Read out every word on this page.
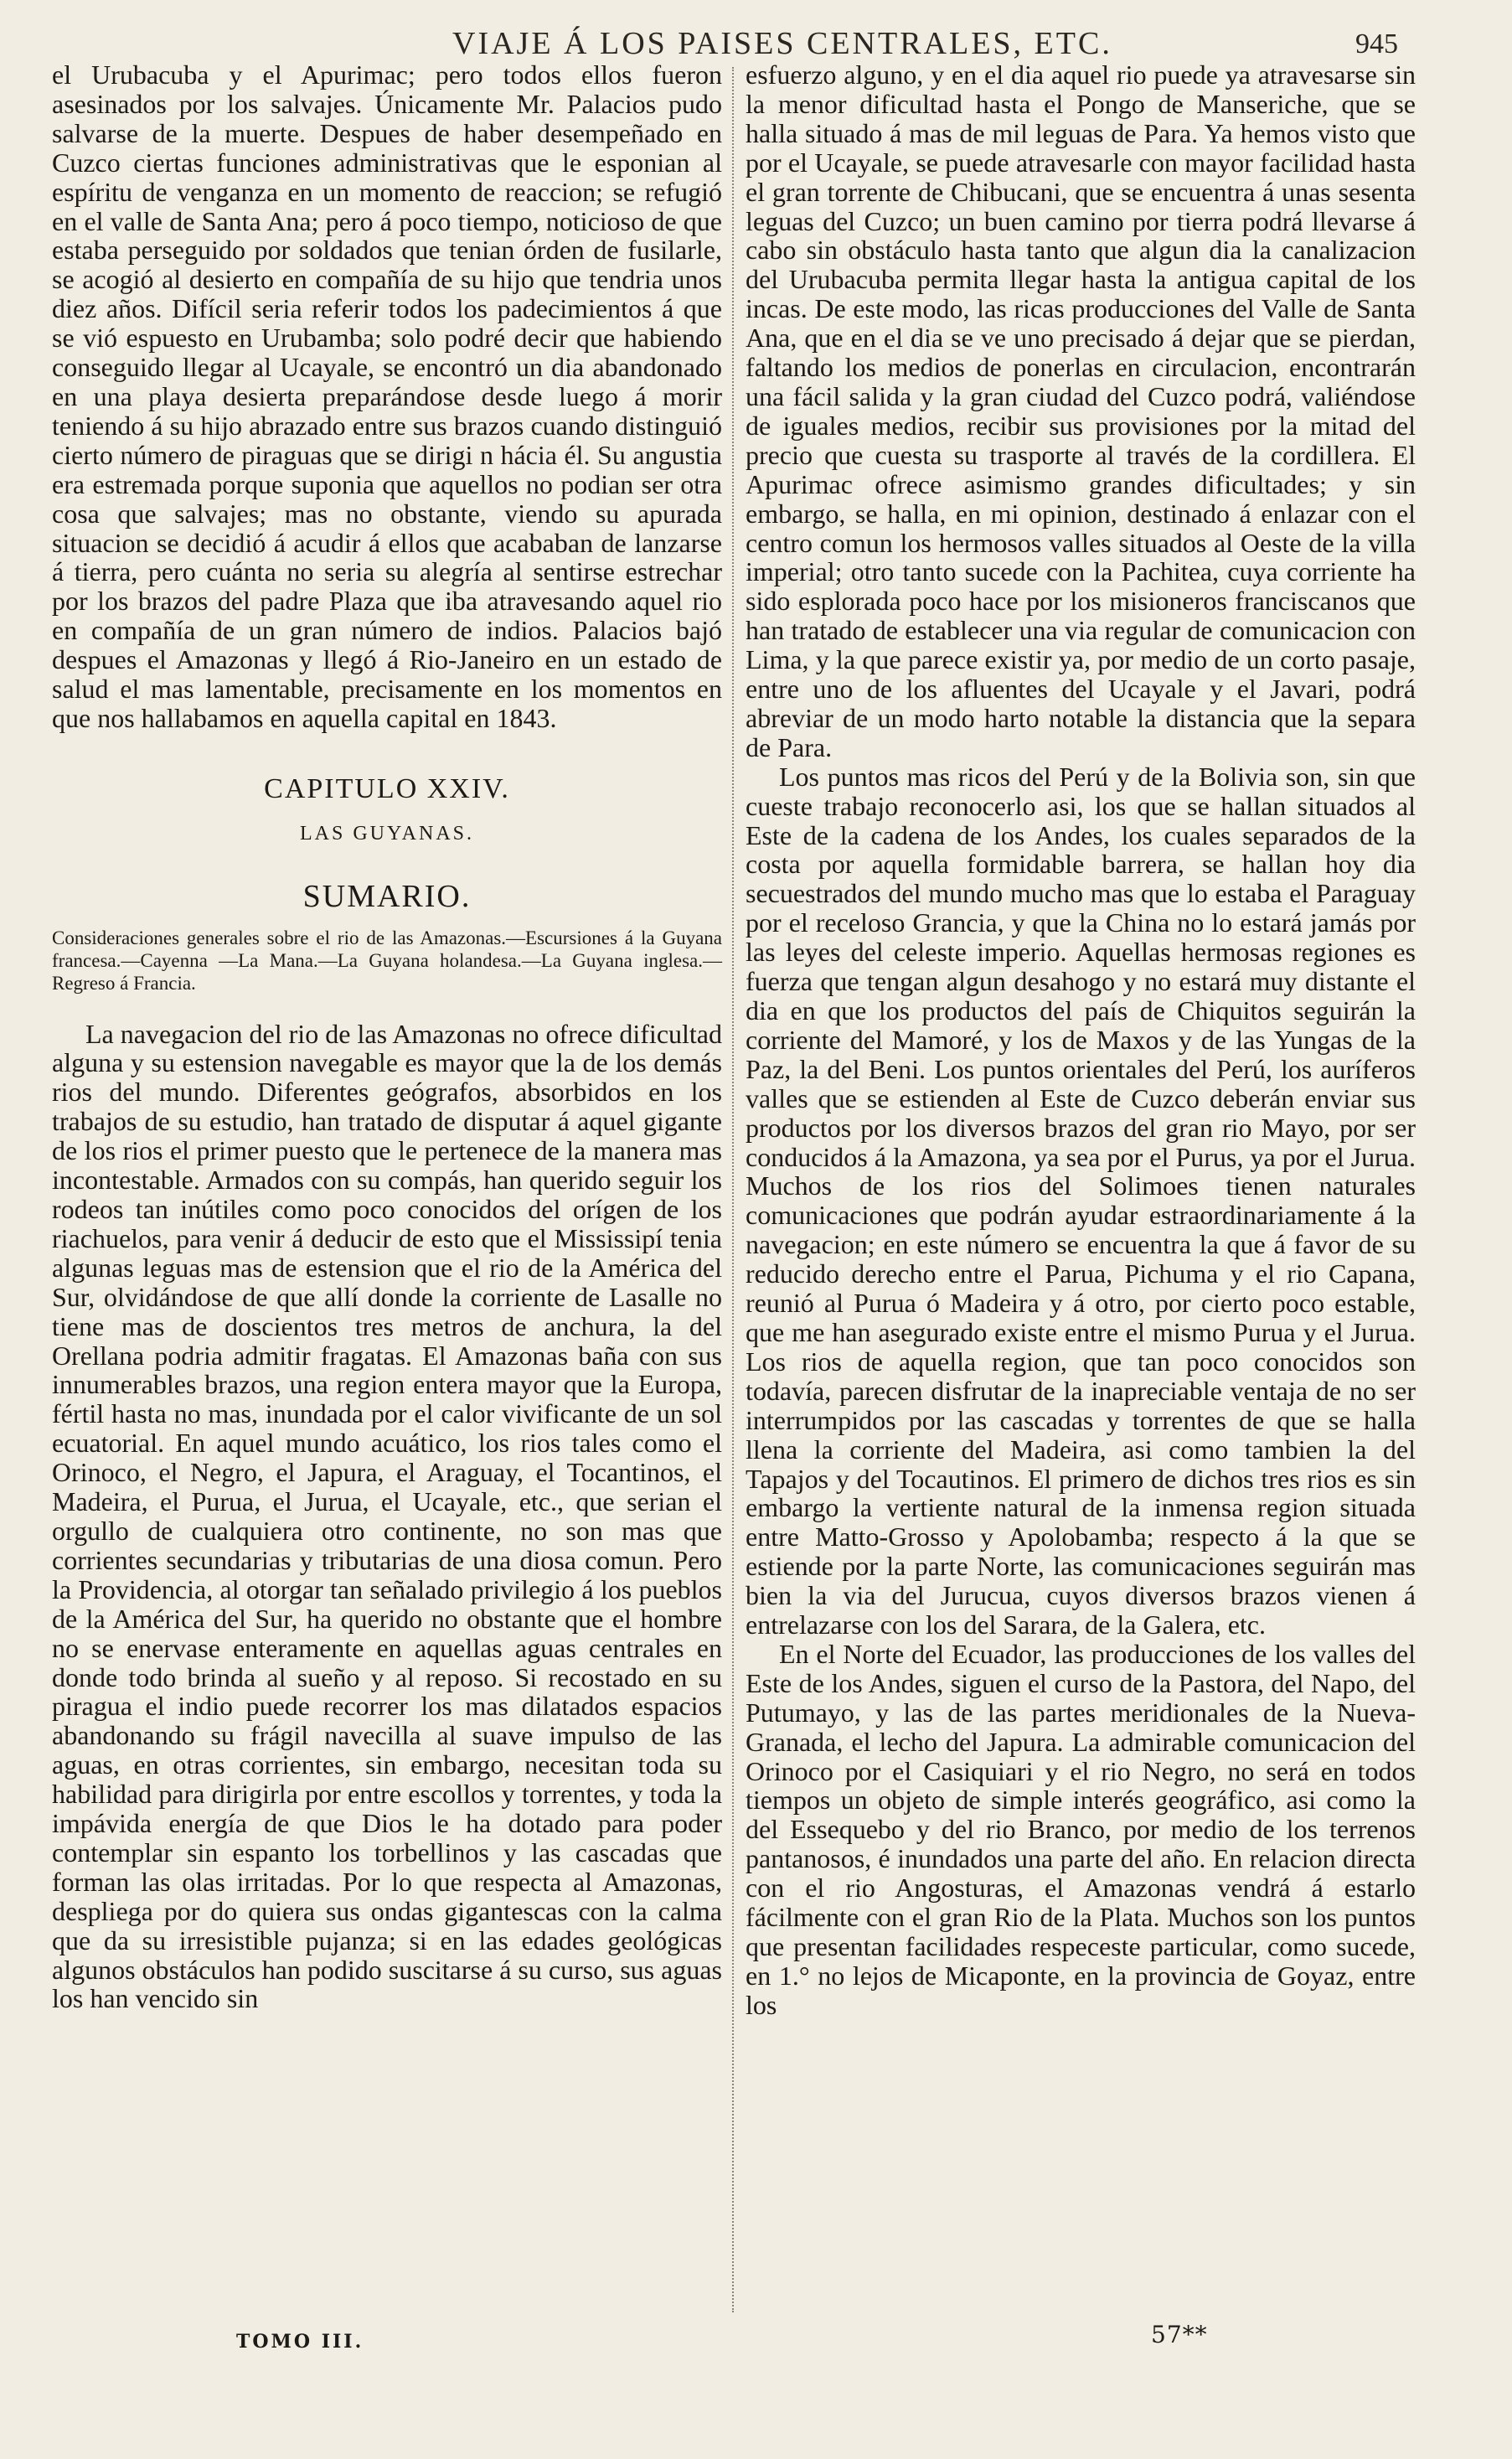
VIAJE Á LOS PAISES CENTRALES, ETC.	945

el Urubacuba y el Apurimac; pero todos ellos fueron asesinados por los salvajes. Únicamente Mr. Palacios pudo salvarse de la muerte. Despues de haber desempeñado en Cuzco ciertas funciones administrativas que le esponian al espíritu de venganza en un momento de reaccion; se refugió en el valle de Santa Ana; pero á poco tiempo, noticioso de que estaba perseguido por soldados que tenian órden de fusilarle, se acogió al desierto en compañía de su hijo que tendria unos diez años. Difícil seria referir todos los padecimientos á que se vió espuesto en Urubamba; solo podré decir que habiendo conseguido llegar al Ucayale, se encontró un dia abandonado en una playa desierta preparándose desde luego á morir teniendo á su hijo abrazado entre sus brazos cuando distinguió cierto número de piraguas que se dirigi n hácia él. Su angustia era estremada porque suponia que aquellos no podian ser otra cosa que salvajes; mas no obstante, viendo su apurada situacion se decidió á acudir á ellos que acababan de lanzarse á tierra, pero cuánta no seria su alegría al sentirse estrechar por los brazos del padre Plaza que iba atravesando aquel rio en compañía de un gran número de indios. Palacios bajó despues el Amazonas y llegó á Rio-Janeiro en un estado de salud el mas lamentable, precisamente en los momentos en que nos hallabamos en aquella capital en 1843.

CAPITULO XXIV.
LAS GUYANAS.
SUMARIO.
Consideraciones generales sobre el rio de las Amazonas.—Escursiones á la Guyana francesa.—Cayenna —La Mana.—La Guyana holandesa.—La Guyana inglesa.—Regreso á Francia.

La navegacion del rio de las Amazonas no ofrece dificultad alguna y su estension navegable es mayor que la de los demás rios del mundo. Diferentes geógrafos, absorbidos en los trabajos de su estudio, han tratado de disputar á aquel gigante de los rios el primer puesto que le pertenece de la manera mas incontestable. Armados con su compás, han querido seguir los rodeos tan inútiles como poco conocidos del orígen de los riachuelos, para venir á deducir de esto que el Mississipí tenia algunas leguas mas de estension que el rio de la América del Sur, olvidándose de que allí donde la corriente de Lasalle no tiene mas de doscientos tres metros de anchura, la del Orellana podria admitir fragatas. El Amazonas baña con sus innumerables brazos, una region entera mayor que la Europa, fértil hasta no mas, inundada por el calor vivificante de un sol ecuatorial. En aquel mundo acuático, los rios tales como el Orinoco, el Negro, el Japura, el Araguay, el Tocantinos, el Madeira, el Purua, el Jurua, el Ucayale, etc., que serian el orgullo de cualquiera otro continente, no son mas que corrientes secundarias y tributarias de una diosa comun. Pero la Providencia, al otorgar tan señalado privilegio á los pueblos de la América del Sur, ha querido no obstante que el hombre no se enervase enteramente en aquellas aguas centrales en donde todo brinda al sueño y al reposo. Si recostado en su piragua el indio puede recorrer los mas dilatados espacios abandonando su frágil navecilla al suave impulso de las aguas, en otras corrientes, sin embargo, necesitan toda su habilidad para dirigirla por entre escollos y torrentes, y toda la impávida energía de que Dios le ha dotado para poder contemplar sin espanto los torbellinos y las cascadas que forman las olas irritadas. Por lo que respecta al Amazonas, despliega por do quiera sus ondas gigantescas con la calma que da su irresistible pujanza; si en las edades geológicas algunos obstáculos han podido suscitarse á su curso, sus aguas los han vencido sin

esfuerzo alguno, y en el dia aquel rio puede ya atravesarse sin la menor dificultad hasta el Pongo de Manseriche, que se halla situado á mas de mil leguas de Para. Ya hemos visto que por el Ucayale, se puede atravesarle con mayor facilidad hasta el gran torrente de Chibucani, que se encuentra á unas sesenta leguas del Cuzco; un buen camino por tierra podrá llevarse á cabo sin obstáculo hasta tanto que algun dia la canalizacion del Urubacuba permita llegar hasta la antigua capital de los incas. De este modo, las ricas producciones del Valle de Santa Ana, que en el dia se ve uno precisado á dejar que se pierdan, faltando los medios de ponerlas en circulacion, encontrarán una fácil salida y la gran ciudad del Cuzco podrá, valiéndose de iguales medios, recibir sus provisiones por la mitad del precio que cuesta su trasporte al través de la cordillera. El Apurimac ofrece asimismo grandes dificultades; y sin embargo, se halla, en mi opinion, destinado á enlazar con el centro comun los hermosos valles situados al Oeste de la villa imperial; otro tanto sucede con la Pachitea, cuya corriente ha sido esplorada poco hace por los misioneros franciscanos que han tratado de establecer una via regular de comunicacion con Lima, y la que parece existir ya, por medio de un corto pasaje, entre uno de los afluentes del Ucayale y el Javari, podrá abreviar de un modo harto notable la distancia que la separa de Para.

Los puntos mas ricos del Perú y de la Bolivia son, sin que cueste trabajo reconocerlo asi, los que se hallan situados al Este de la cadena de los Andes, los cuales separados de la costa por aquella formidable barrera, se hallan hoy dia secuestrados del mundo mucho mas que lo estaba el Paraguay por el receloso Grancia, y que la China no lo estará jamás por las leyes del celeste imperio. Aquellas hermosas regiones es fuerza que tengan algun desahogo y no estará muy distante el dia en que los productos del país de Chiquitos seguirán la corriente del Mamoré, y los de Maxos y de las Yungas de la Paz, la del Beni. Los puntos orientales del Perú, los auríferos valles que se estienden al Este de Cuzco deberán enviar sus productos por los diversos brazos del gran rio Mayo, por ser conducidos á la Amazona, ya sea por el Purus, ya por el Jurua. Muchos de los rios del Solimoes tienen naturales comunicaciones que podrán ayudar estraordinariamente á la navegacion; en este número se encuentra la que á favor de su reducido derecho entre el Parua, Pichuma y el rio Capana, reunió al Purua ó Madeira y á otro, por cierto poco estable, que me han asegurado existe entre el mismo Purua y el Jurua. Los rios de aquella region, que tan poco conocidos son todavía, parecen disfrutar de la inapreciable ventaja de no ser interrumpidos por las cascadas y torrentes de que se halla llena la corriente del Madeira, asi como tambien la del Tapajos y del Tocautinos. El primero de dichos tres rios es sin embargo la vertiente natural de la inmensa region situada entre Matto-Grosso y Apolobamba; respecto á la que se estiende por la parte Norte, las comunicaciones seguirán mas bien la via del Jurucua, cuyos diversos brazos vienen á entrelazarse con los del Sarara, de la Galera, etc.

En el Norte del Ecuador, las producciones de los valles del Este de los Andes, siguen el curso de la Pastora, del Napo, del Putumayo, y las de las partes meridionales de la Nueva-Granada, el lecho del Japura. La admirable comunicacion del Orinoco por el Casiquiari y el rio Negro, no será en todos tiempos un objeto de simple interés geográfico, asi como la del Essequebo y del rio Branco, por medio de los terrenos pantanosos, é inundados una parte del año. En relacion directa con el rio Angosturas, el Amazonas vendrá á estarlo fácilmente con el gran Rio de la Plata. Muchos son los puntos que presentan facilidades respeceste particular, como sucede, en 1.° no lejos de Micaponte, en la provincia de Goyaz, entre los

TOMO III.	57**
